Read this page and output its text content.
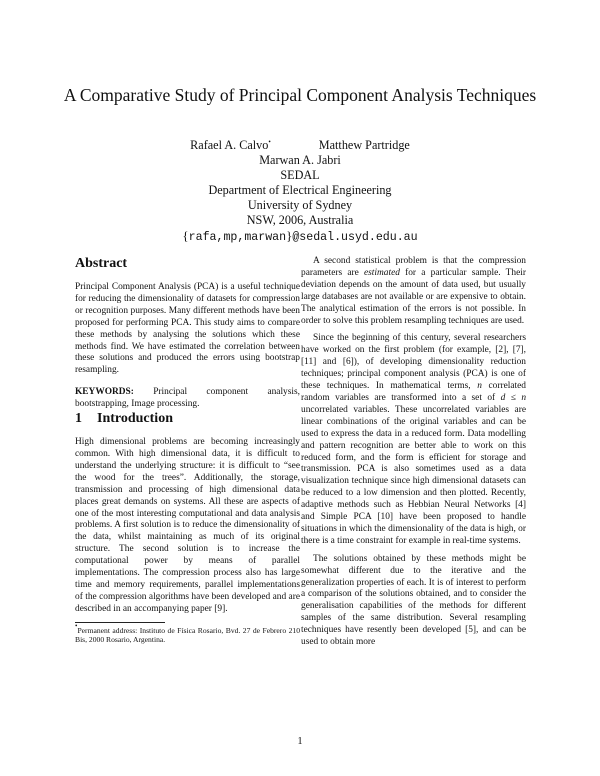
A Comparative Study of Principal Component Analysis Techniques
Rafael A. Calvo•	Matthew Partridge
Marwan A. Jabri
SEDAL
Department of Electrical Engineering
University of Sydney
NSW, 2006, Australia
{rafa,mp,marwan}@sedal.usyd.edu.au
Abstract

Principal Component Analysis (PCA) is a useful technique for reducing the dimensionality of datasets for compression or recognition purposes. Many different methods have been proposed for performing PCA. This study aims to compare these methods by analysing the solutions which these methods find. We have estimated the correlation between these solutions and produced the errors using bootstrap resampling.

KEYWORDS: Principal component analysis, bootstrapping, Image processing.

1 Introduction

High dimensional problems are becoming increasingly common. With high dimensional data, it is difficult to understand the underlying structure: it is difficult to “see the wood for the trees”. Additionally, the storage, transmission and processing of high dimensional data places great demands on systems. All these are aspects of one of the most interesting computational and data analysis problems. A first solution is to reduce the dimensionality of the data, whilst maintaining as much of its original structure. The second solution is to increase the computational power by means of parallel implementations. The compression process also has large time and memory requirements, parallel implementations of the compression algorithms have been developed and are described in an accompanying paper [9].

•Permanent address: Instituto de Física Rosario, Bvd. 27 de Febrero 210 Bis, 2000 Rosario, Argentina.

A second statistical problem is that the compression parameters are estimated for a particular sample. Their deviation depends on the amount of data used, but usually large databases are not available or are expensive to obtain. The analytical estimation of the errors is not possible. In order to solve this problem resampling techniques are used.

Since the beginning of this century, several researchers have worked on the first problem (for example, [2], [7], [11] and [6]), of developing dimensionality reduction techniques; principal component analysis (PCA) is one of these techniques. In mathematical terms, n correlated random variables are transformed into a set of d ≤ n uncorrelated variables. These uncorrelated variables are linear combinations of the original variables and can be used to express the data in a reduced form. Data modelling and pattern recognition are better able to work on this reduced form, and the form is efficient for storage and transmission. PCA is also sometimes used as a data visualization technique since high dimensional datasets can be reduced to a low dimension and then plotted. Recently, adaptive methods such as Hebbian Neural Networks [4] and Simple PCA [10] have been proposed to handle situations in which the dimensionality of the data is high, or there is a time constraint for example in real-time systems.

The solutions obtained by these methods might be somewhat different due to the iterative and the generalization properties of each. It is of interest to perform a comparison of the solutions obtained, and to consider the generalisation capabilities of the methods for different samples of the same distribution. Several resampling techniques have resently been developed [5], and can be used to obtain more

1
